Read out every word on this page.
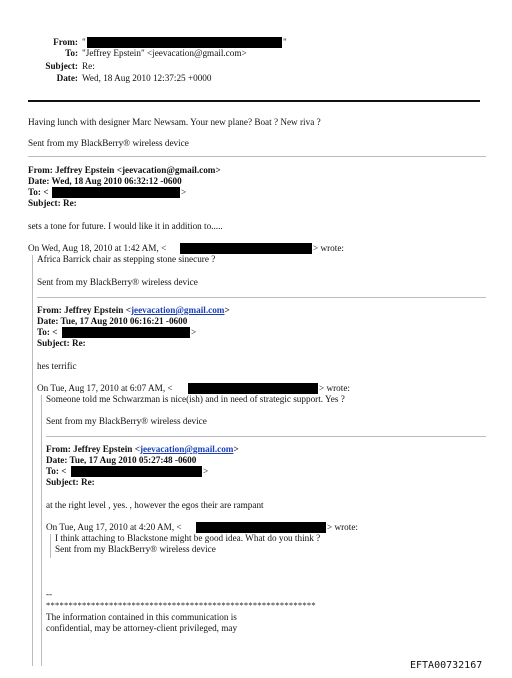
From: "	"
To: "Jeffrey Epstein" <jeevacation@gmail.com>
Subject: Re:
Date: Wed, 18 Aug 2010 12:37:25 +0000
Having lunch with designer Marc Newsam. Your new plane? Boat ? New riva ?
Sent from my BlackBerry® wireless device
From: Jeffrey Epstein <jeevacation@gmail.com>
Date: Wed, 18 Aug 2010 06:32:12 -0600
To: <	>
Subject: Re:
sets a tone for future. I would like it in addition to.....
On Wed, Aug 18, 2010 at 1:42 AM, <	> wrote:
Africa Barrick chair as stepping stone sinecure ?
Sent from my BlackBerry® wireless device
From: Jeffrey Epstein <jeevacation@gmail.com>
Date: Tue, 17 Aug 2010 06:16:21 -0600
To: <	>
Subject: Re:
hes terrific
On Tue, Aug 17, 2010 at 6:07 AM, <	> wrote:
Someone told me Schwarzman is nice(ish) and in need of strategic support. Yes ?
Sent from my BlackBerry® wireless device
From: Jeffrey Epstein <jeevacation@gmail.com>
Date: Tue, 17 Aug 2010 05:27:48 -0600
To: <	>
Subject: Re:
at the right level , yes. , however the egos their are rampant
On Tue, Aug 17, 2010 at 4:20 AM, <	> wrote:
I think attaching to Blackstone might be good idea. What do you think ?
Sent from my BlackBerry® wireless device
--
************************************************************
The information contained in this communication is
confidential, may be attorney-client privileged, may
EFTA00732167
